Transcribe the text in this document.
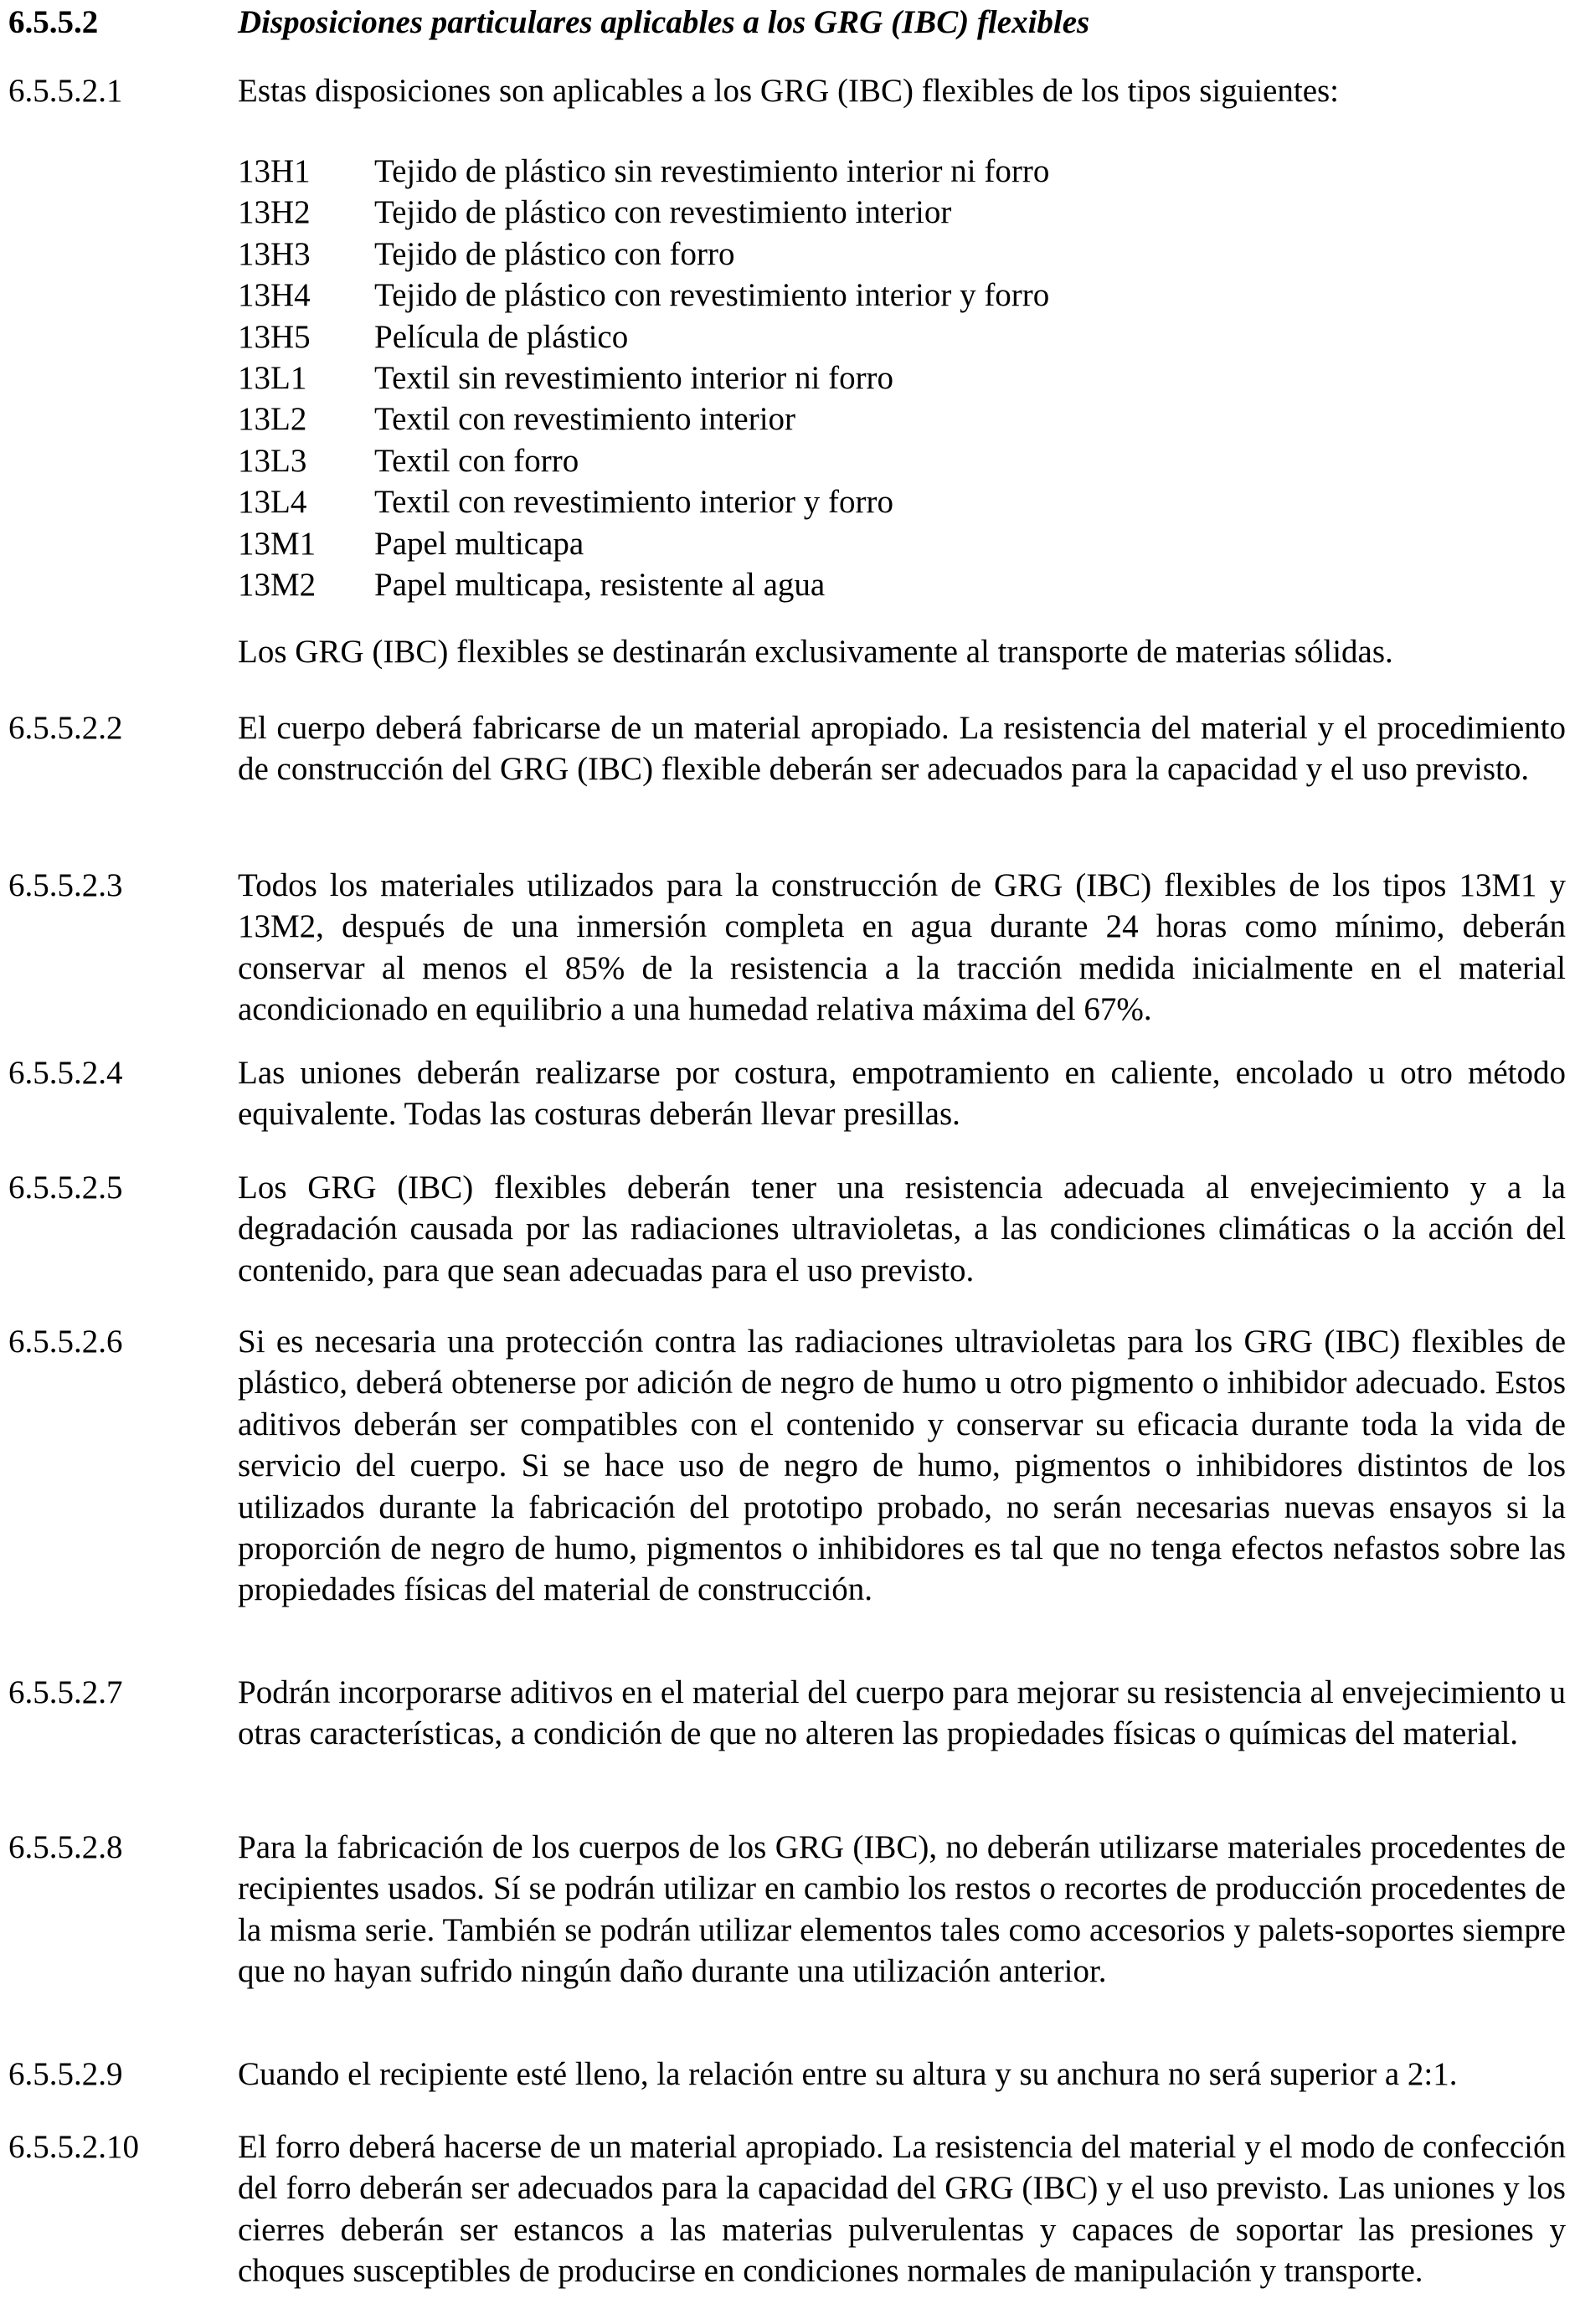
6.5.5.2	Disposiciones particulares aplicables a los GRG (IBC) flexibles
6.5.5.2.1	Estas disposiciones son aplicables a los GRG (IBC) flexibles de los tipos siguientes:
13H1 Tejido de plástico sin revestimiento interior ni forro
13H2 Tejido de plástico con revestimiento interior
13H3 Tejido de plástico con forro
13H4 Tejido de plástico con revestimiento interior y forro
13H5 Película de plástico
13L1 Textil sin revestimiento interior ni forro
13L2 Textil con revestimiento interior
13L3 Textil con forro
13L4 Textil con revestimiento interior y forro
13M1 Papel multicapa
13M2 Papel multicapa, resistente al agua
Los GRG (IBC) flexibles se destinarán exclusivamente al transporte de materias sólidas.
6.5.5.2.2	El cuerpo deberá fabricarse de un material apropiado. La resistencia del material y el procedimiento de construcción del GRG (IBC) flexible deberán ser adecuados para la capacidad y el uso previsto.
6.5.5.2.3	Todos los materiales utilizados para la construcción de GRG (IBC) flexibles de los tipos 13M1 y 13M2, después de una inmersión completa en agua durante 24 horas como mínimo, deberán conservar al menos el 85% de la resistencia a la tracción medida inicialmente en el material acondicionado en equilibrio a una humedad relativa máxima del 67%.
6.5.5.2.4	Las uniones deberán realizarse por costura, empotramiento en caliente, encolado u otro método equivalente. Todas las costuras deberán llevar presillas.
6.5.5.2.5	Los GRG (IBC) flexibles deberán tener una resistencia adecuada al envejecimiento y a la degradación causada por las radiaciones ultravioletas, a las condiciones climáticas o la acción del contenido, para que sean adecuadas para el uso previsto.
6.5.5.2.6	Si es necesaria una protección contra las radiaciones ultravioletas para los GRG (IBC) flexibles de plástico, deberá obtenerse por adición de negro de humo u otro pigmento o inhibidor adecuado. Estos aditivos deberán ser compatibles con el contenido y conservar su eficacia durante toda la vida de servicio del cuerpo. Si se hace uso de negro de humo, pigmentos o inhibidores distintos de los utilizados durante la fabricación del prototipo probado, no serán necesarias nuevas ensayos si la proporción de negro de humo, pigmentos o inhibidores es tal que no tenga efectos nefastos sobre las propiedades físicas del material de construcción.
6.5.5.2.7	Podrán incorporarse aditivos en el material del cuerpo para mejorar su resistencia al envejecimiento u otras características, a condición de que no alteren las propiedades físicas o químicas del material.
6.5.5.2.8	Para la fabricación de los cuerpos de los GRG (IBC), no deberán utilizarse materiales procedentes de recipientes usados. Sí se podrán utilizar en cambio los restos o recortes de producción procedentes de la misma serie. También se podrán utilizar elementos tales como accesorios y palets-soportes siempre que no hayan sufrido ningún daño durante una utilización anterior.
6.5.5.2.9	Cuando el recipiente esté lleno, la relación entre su altura y su anchura no será superior a 2:1.
6.5.5.2.10	El forro deberá hacerse de un material apropiado. La resistencia del material y el modo de confección del forro deberán ser adecuados para la capacidad del GRG (IBC) y el uso previsto. Las uniones y los cierres deberán ser estancos a las materias pulverulentas y capaces de soportar las presiones y choques susceptibles de producirse en condiciones normales de manipulación y transporte.
